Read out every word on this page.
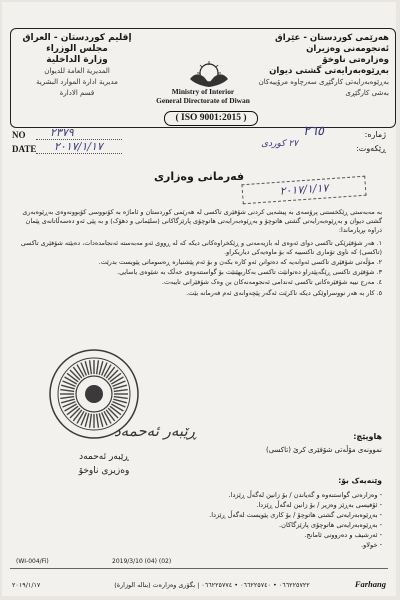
إقليم كوردستان - العراق
مجلس الوزراء
وزارة الداخلية
المديرية العامة للديوان
مديرية ادارة الموارد البشرية
قسم الادارة	Ministry of Interior
General Directorate of Diwan
( ISO 9001:2015 )
هەرێمی کوردستان - عێراق
ئەنجومەنی وەزیران
وەزارەتی ناوخۆ
بەڕێوەبەرایەتی گشتی دیوان
بەڕێوەبەرایەتی کارگێڕی سەرچاوە مرۆییەکان
بەشی کارگێڕی
NO ٢٣٧٩
DATE ٢٠١٧/١/١٧
ژمارە:
٢٦٥
ڕێکەوت:
٢٧ کوردی
فەرمانی وەزاری
٢٠١٧/١/١٧

بە مەبەستی ڕێکخستنی پرۆسەی بە پیشەیی کردنی شۆفێری تاکسی لە هەرێمی کوردستان و ئاماژە بە کۆنووسی کۆبوونەوەی بەڕێوەبەری گشتی دیوان و بەڕێوەبەرایەتی گشتی هاتوچۆ و بەڕێوەبەرایەتی هاتوچۆی پارێزگاکانی (سلێمانی و دهۆک) و بە پێی ئەو دەسەڵاتانەی پێمان دراوە بڕیارماندا:

١. هەر شۆفێرێکی تاکسی دوای ئەوەی لە بازیەمەنی و ڕێکخراوەکانی دیکە کە لە ڕووی ئەو مەبەستە ئەنجامدەدات، دەبێتە شۆفێری تاکسی (تاکسی) کە ناوی تۆماری تاکسییە کە بۆ ماوەیەکی دیاریکراو.
٢. مۆڵەتی شۆفێری تاکسی ئەوانەیە کە دەتوانن ئەو کارە بکەن و بۆ ئەم پێشنیارە ڕەسوماتی پێویست بدرێت.
٣. شۆفێری تاکسی ڕێگەپێدراو دەتوانێت تاکسی بەکاربهێنێت بۆ گواستنەوەی خەڵک بە شێوەی یاسایی.
٤. مەرج نییە شۆفێرەکانی تاکسی ئەندامی ئەنجومەنەکان بن وەک شۆفێرانی تایبەت.
٥. کار بە هەر نووسراوێکی دیکە ناکرێت ئەگەر پێچەوانەی ئەم فەرمانە بێت.
ڕێبەر ئەحمەد
ڕێبەر ئەحمەد
وەزیری ناوخۆ
هاوپێچ:
نموونەی مۆڵەتی شۆفێری کرێ (تاکسی)
وێنەیەک بۆ:
- وەزارەتی گواستنەوە و گەیاندن / بۆ زانین لەگەڵ ڕێزدا.
- ئۆفیسی بەڕێز وەزیر / بۆ زانین لەگەڵ ڕێزدا.
- بەڕێوەبەرایەتی گشتی هاتوچۆ / بۆ کاری پێویست لەگەڵ ڕێزدا.
- بەڕێوەبەرایەتی هاتوچۆی پارێزگاکان.
- ئەرشیف و دەروونی ئامانج.
- خولاو.
(WI-004/Fi)	2019/3/10 (04) (02)
٢٠١٩/١/١٧	٠٦٦٢٢٥٧٢٢ • ٠٦٦٢٢٥٧٤٠ • ٠٦٦٢٢٥٧٧٤ | بگۆری وەزارەت (بنالە الوزارة)	Farhang
